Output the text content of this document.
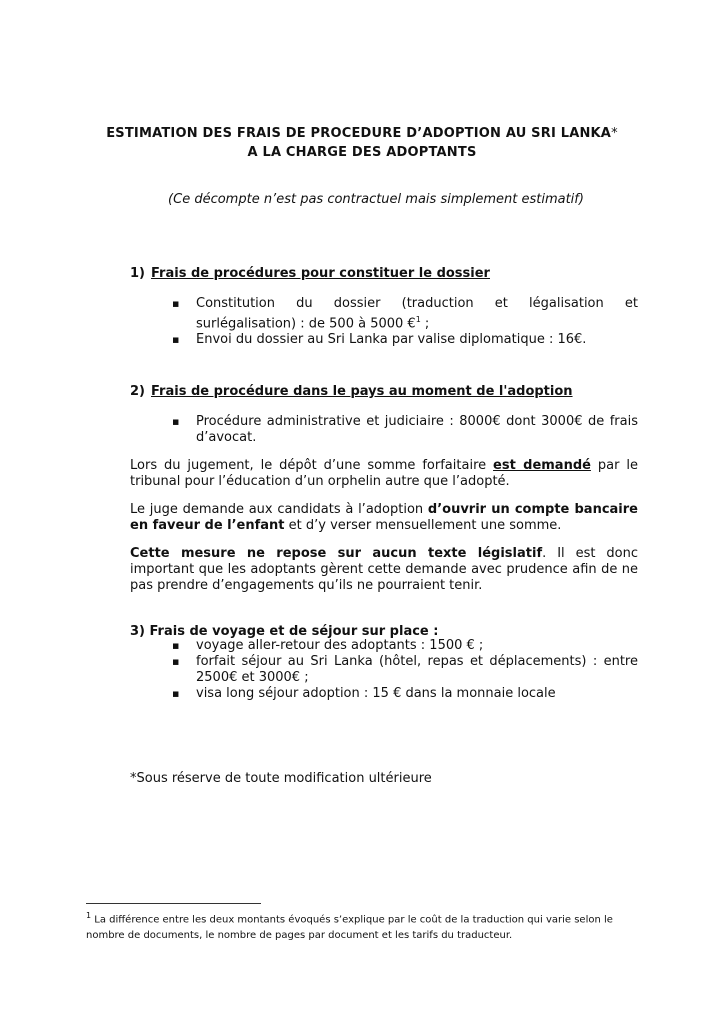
ESTIMATION DES FRAIS DE PROCEDURE D’ADOPTION AU SRI LANKA*
A LA CHARGE DES ADOPTANTS
(Ce décompte n’est pas contractuel mais simplement estimatif)
1) Frais de procédures pour constituer le dossier
▪ Constitution du dossier (traduction et légalisation et surlégalisation) : de 500 à 5000 €$^1$ ;
▪ Envoi du dossier au Sri Lanka par valise diplomatique : 16€.
2) Frais de procédure dans le pays au moment de l'adoption
▪ Procédure administrative et judiciaire : 8000€ dont 3000€ de frais d’avocat.
Lors du jugement, le dépôt d’une somme forfaitaire est demandé par le tribunal pour l’éducation d’un orphelin autre que l’adopté.
Le juge demande aux candidats à l’adoption d’ouvrir un compte bancaire en faveur de l’enfant et d’y verser mensuellement une somme.
Cette mesure ne repose sur aucun texte législatif. Il est donc important que les adoptants gèrent cette demande avec prudence afin de ne pas prendre d’engagements qu’ils ne pourraient tenir.
3) Frais de voyage et de séjour sur place :
▪ voyage aller-retour des adoptants : 1500 € ;
▪ forfait séjour au Sri Lanka (hôtel, repas et déplacements) : entre 2500€ et 3000€ ;
▪ visa long séjour adoption : 15 € dans la monnaie locale
*Sous réserve de toute modification ultérieure
$^1$ La différence entre les deux montants évoqués s’explique par le coût de la traduction qui varie selon le nombre de documents, le nombre de pages par document et les tarifs du traducteur.
